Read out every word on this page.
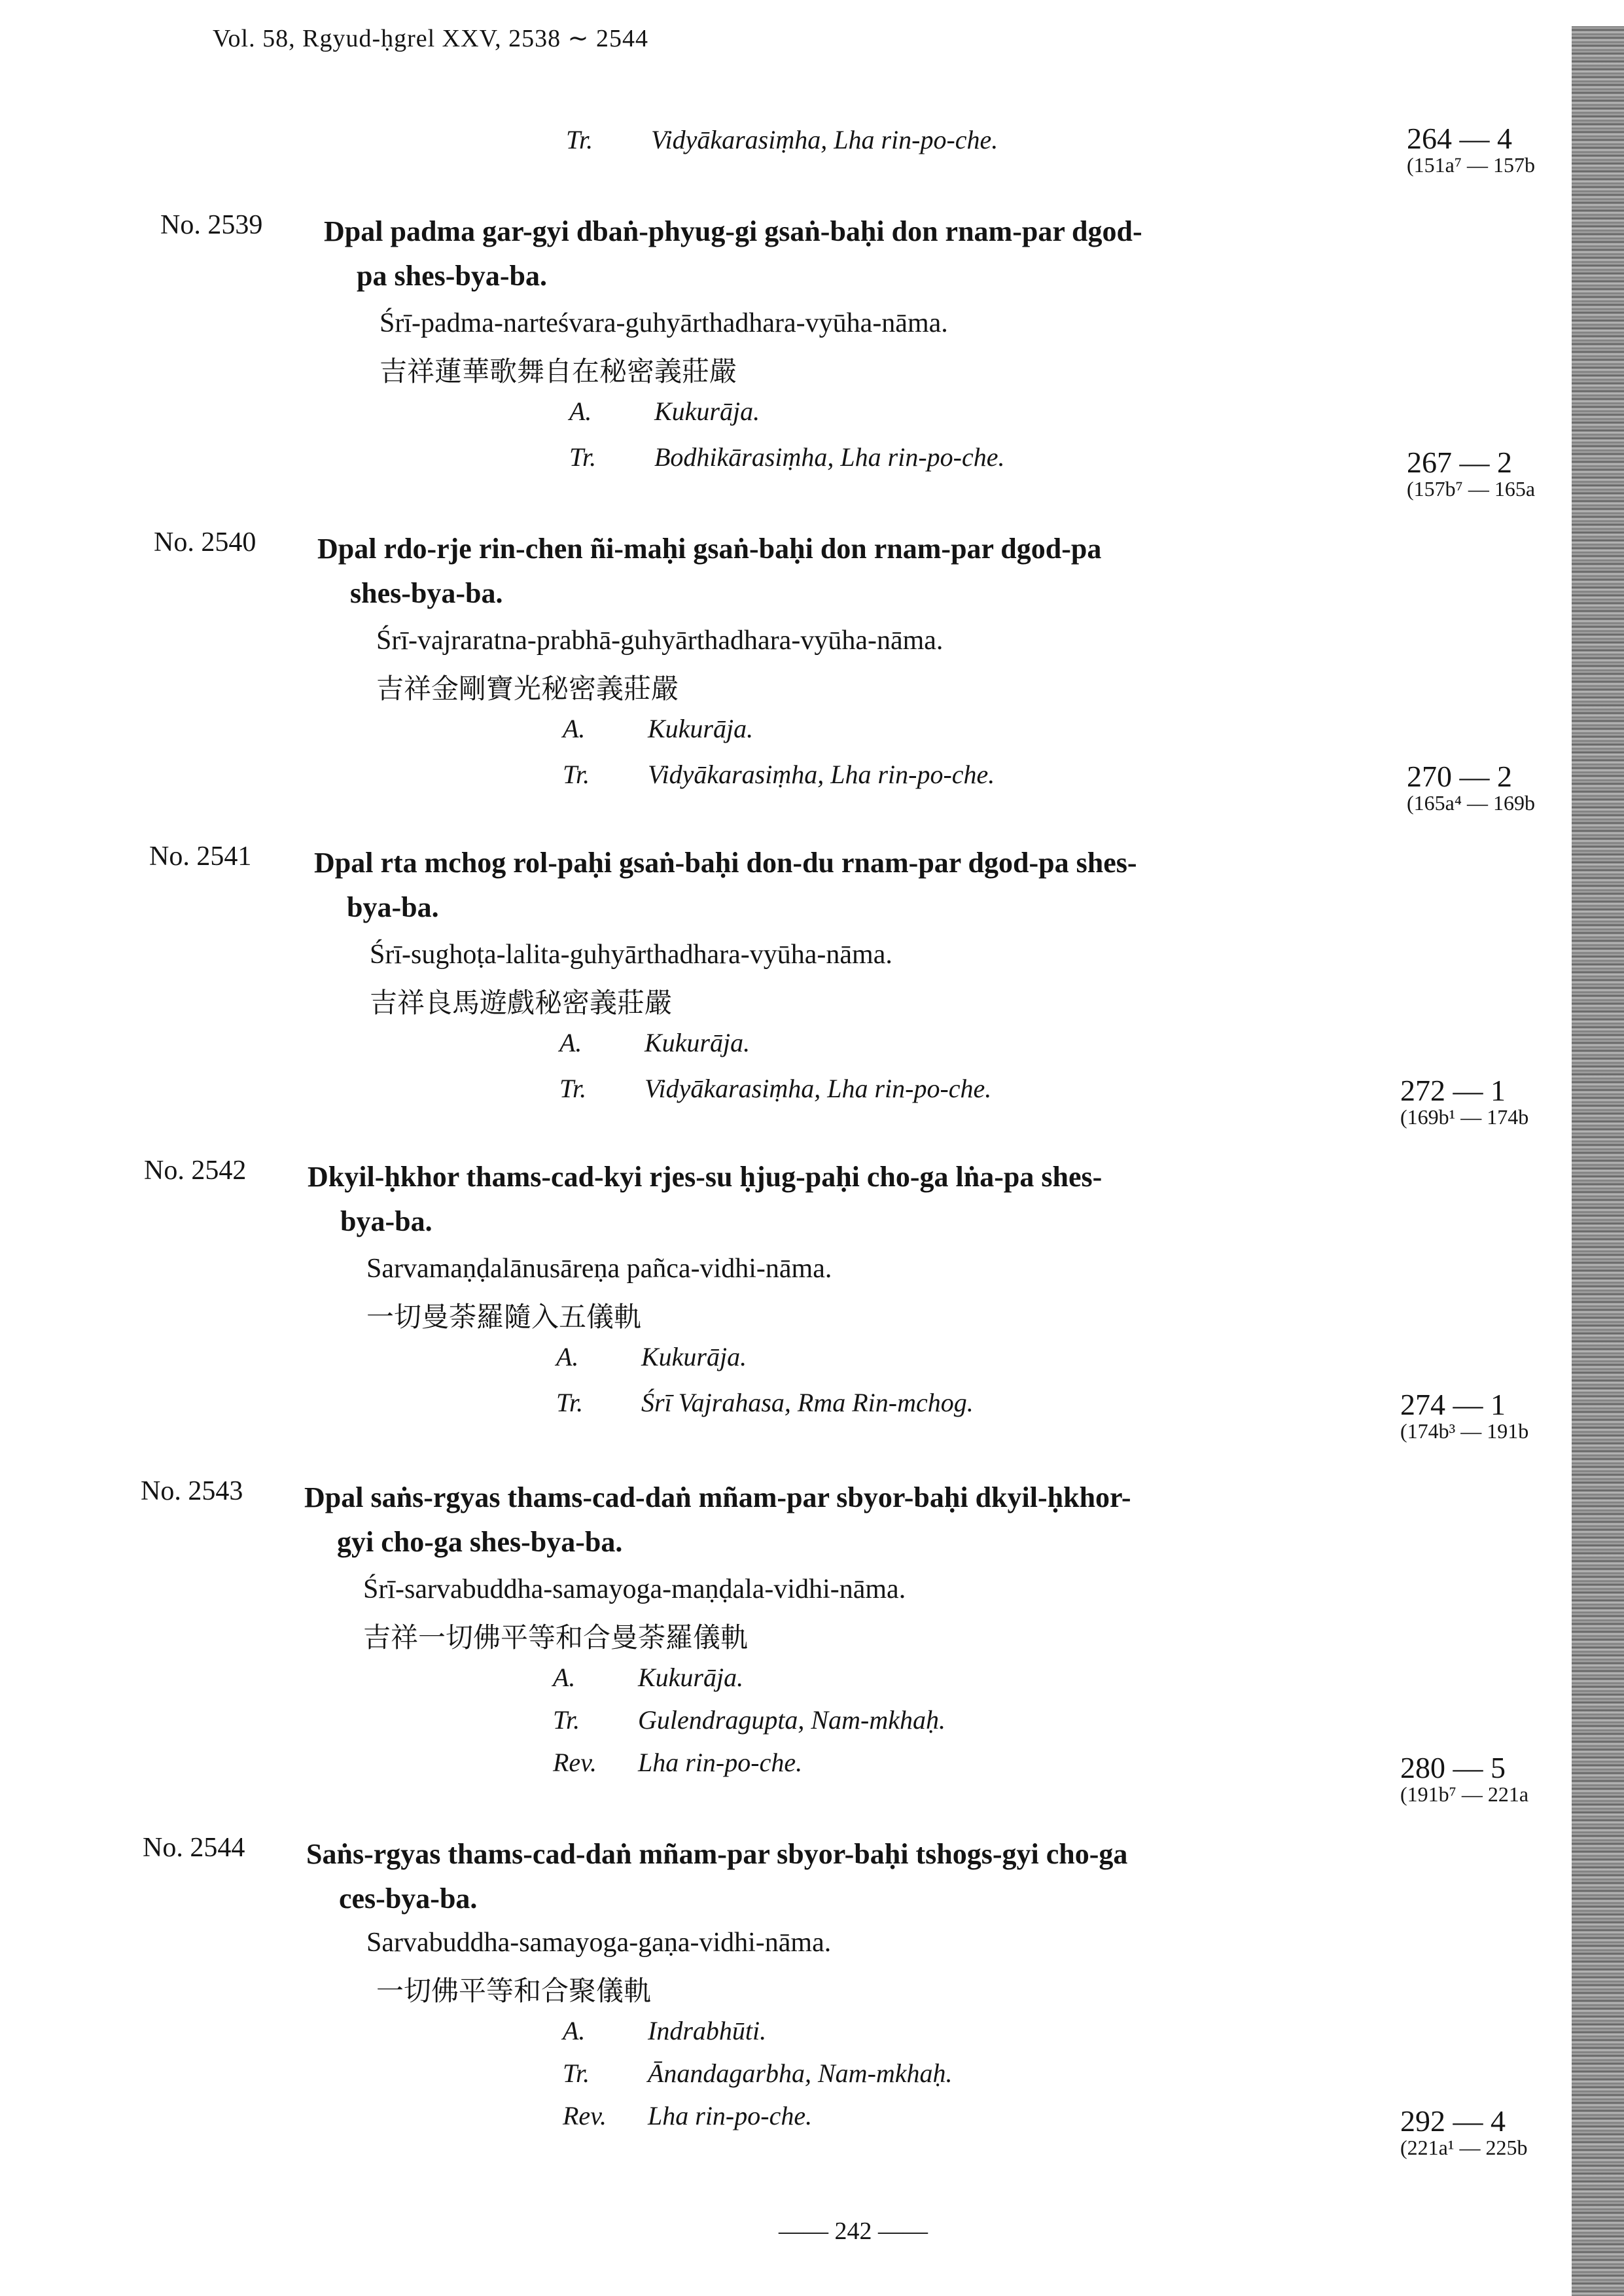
Vol. 58, Rgyud-ḥgrel XXV, 2538 ∼ 2544
Tr. Vidyākarasiṃha, Lha rin-po-che.	264 — 4
(151a⁷ — 157b
No. 2539 Dpal padma gar-gyi dbaṅ-phyug-gi gsaṅ-baḥi don rnam-par dgod-
pa shes-bya-ba.
Śrī-padma-narteśvara-guhyārthadhara-vyūha-nāma.
吉祥蓮華歌舞自在秘密義莊嚴
A. Kukurāja.
Tr. Bodhikārasiṃha, Lha rin-po-che.	267 — 2
(157b⁷ — 165a
No. 2540 Dpal rdo-rje rin-chen ñi-maḥi gsaṅ-baḥi don rnam-par dgod-pa
shes-bya-ba.
Śrī-vajraratna-prabhā-guhyārthadhara-vyūha-nāma.
吉祥金剛寶光秘密義莊嚴
A. Kukurāja.
Tr. Vidyākarasiṃha, Lha rin-po-che.	270 — 2
(165a⁴ — 169b
No. 2541 Dpal rta mchog rol-paḥi gsaṅ-baḥi don-du rnam-par dgod-pa shes-
bya-ba.
Śrī-sughoṭa-lalita-guhyārthadhara-vyūha-nāma.
吉祥良馬遊戲秘密義莊嚴
A. Kukurāja.
Tr. Vidyākarasiṃha, Lha rin-po-che.	272 — 1
(169b¹ — 174b
No. 2542 Dkyil-ḥkhor thams-cad-kyi rjes-su ḥjug-paḥi cho-ga lṅa-pa shes-
bya-ba.
Sarvamaṇḍalānusāreṇa pañca-vidhi-nāma.
一切曼荼羅隨入五儀軌
A. Kukurāja.
Tr. Śrī Vajrahasa, Rma Rin-mchog.	274 — 1
(174b³ — 191b
No. 2543 Dpal saṅs-rgyas thams-cad-daṅ mñam-par sbyor-baḥi dkyil-ḥkhor-
gyi cho-ga shes-bya-ba.
Śrī-sarvabuddha-samayoga-maṇḍala-vidhi-nāma.
吉祥一切佛平等和合曼荼羅儀軌
A. Kukurāja.
Tr. Gulendragupta, Nam-mkhaḥ.
Rev. Lha rin-po-che.	280 — 5
(191b⁷ — 221a
No. 2544 Saṅs-rgyas thams-cad-daṅ mñam-par sbyor-baḥi tshogs-gyi cho-ga
ces-bya-ba.
Sarvabuddha-samayoga-gaṇa-vidhi-nāma.
一切佛平等和合聚儀軌
A. Indrabhūti.
Tr. Ānandagarbha, Nam-mkhaḥ.
Rev. Lha rin-po-che.	292 — 4
(221a¹ — 225b
—— 242 ——
